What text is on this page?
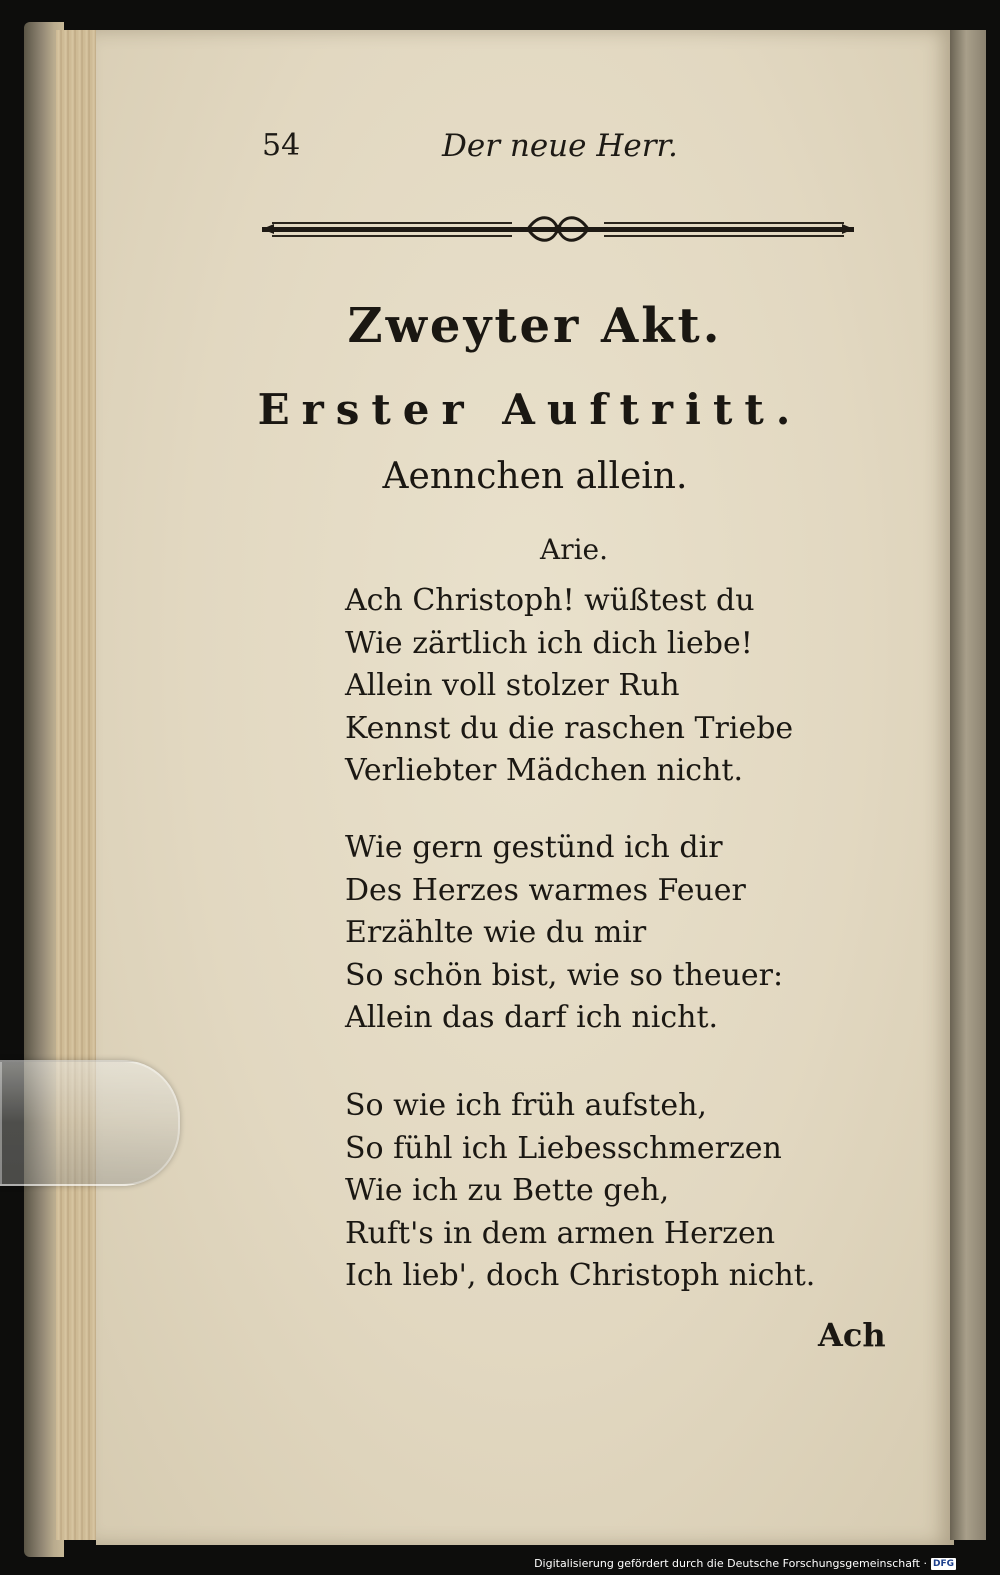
54	Der neue Herr.
Zweyter Akt.
Erster Auftritt.
Aennchen allein.
Arie.
Ach Christoph! wüßtest du
Wie zärtlich ich dich liebe!
Allein voll stolzer Ruh
Kennst du die raschen Triebe
Verliebter Mädchen nicht.
Wie gern gestünd ich dir
Des Herzes warmes Feuer
Erzählte wie du mir
So schön bist, wie so theuer:
Allein das darf ich nicht.
So wie ich früh aufsteh,
So fühl ich Liebesschmerzen
Wie ich zu Bette geh,
Ruft's in dem armen Herzen
Ich lieb', doch Christoph nicht.
Ach
Digitalisierung gefördert durch die Deutsche Forschungsgemeinschaft · DFG
